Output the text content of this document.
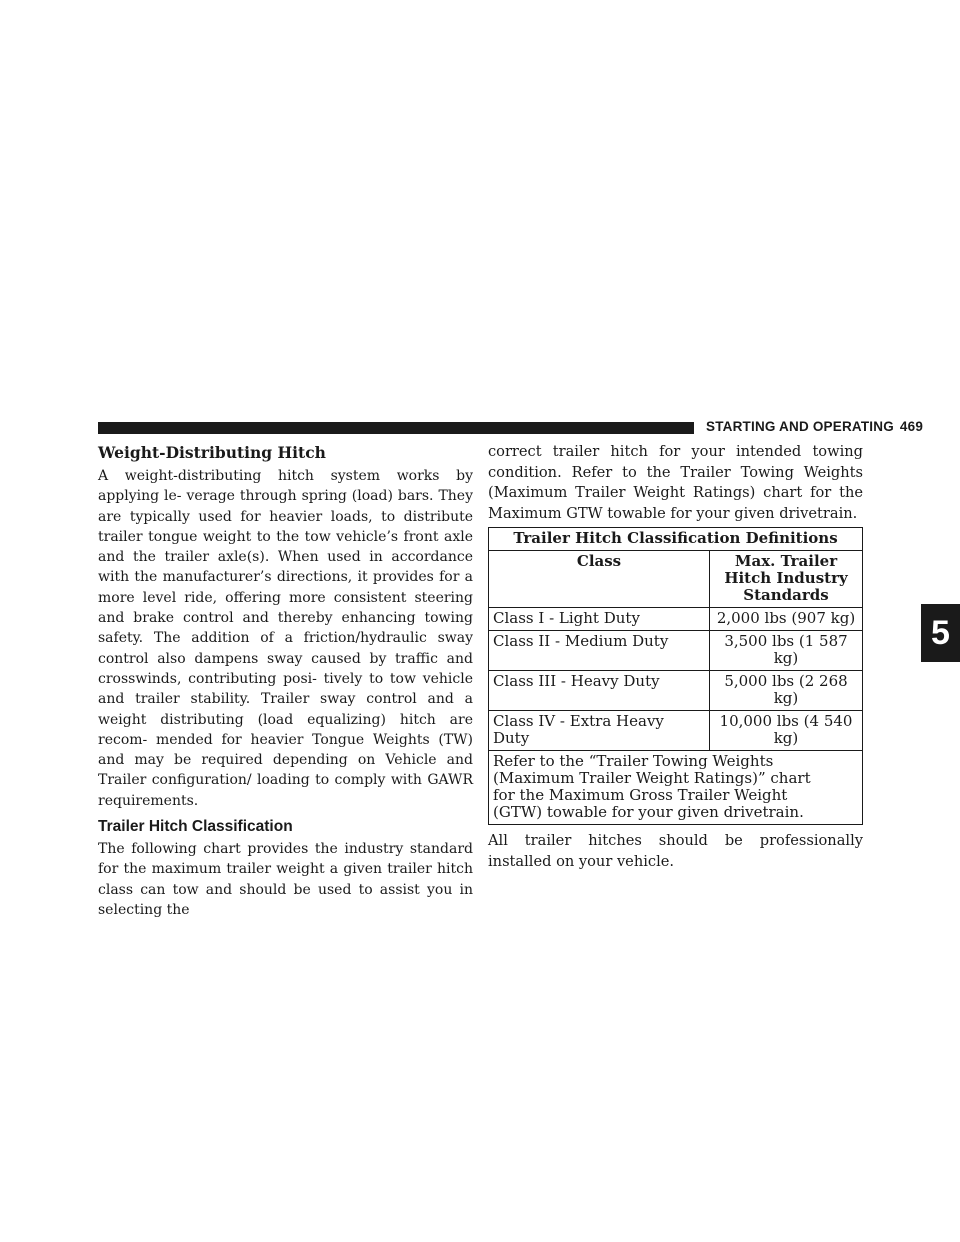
STARTING AND OPERATING 469
5
Weight-Distributing Hitch

A weight-distributing hitch system works by applying le- verage through spring (load) bars. They are typically used for heavier loads, to distribute trailer tongue weight to the tow vehicle’s front axle and the trailer axle(s). When used in accordance with the manufacturer’s directions, it provides for a more level ride, offering more consistent steering and brake control and thereby enhancing towing safety. The addition of a friction/hydraulic sway control also dampens sway caused by traffic and crosswinds, contributing posi- tively to tow vehicle and trailer stability. Trailer sway control and a weight distributing (load equalizing) hitch are recom- mended for heavier Tongue Weights (TW) and may be required depending on Vehicle and Trailer configuration/ loading to comply with GAWR requirements.

Trailer Hitch Classification

The following chart provides the industry standard for the maximum trailer weight a given trailer hitch class can tow and should be used to assist you in selecting the

correct trailer hitch for your intended towing condition. Refer to the Trailer Towing Weights (Maximum Trailer Weight Ratings) chart for the Maximum GTW towable for your given drivetrain.

Trailer Hitch Classification Definitions	
Class	Max. Trailer Hitch Industry Standards
Class I - Light Duty	2,000 lbs (907 kg)
Class II - Medium Duty	3,500 lbs (1 587 kg)
Class III - Heavy Duty	5,000 lbs (2 268 kg)
Class IV - Extra Heavy Duty	10,000 lbs (4 540 kg)
Refer to the “Trailer Towing Weights (Maximum Trailer Weight Ratings)” chart for the Maximum Gross Trailer Weight (GTW) towable for your given drivetrain.	

All trailer hitches should be professionally installed on your vehicle.
